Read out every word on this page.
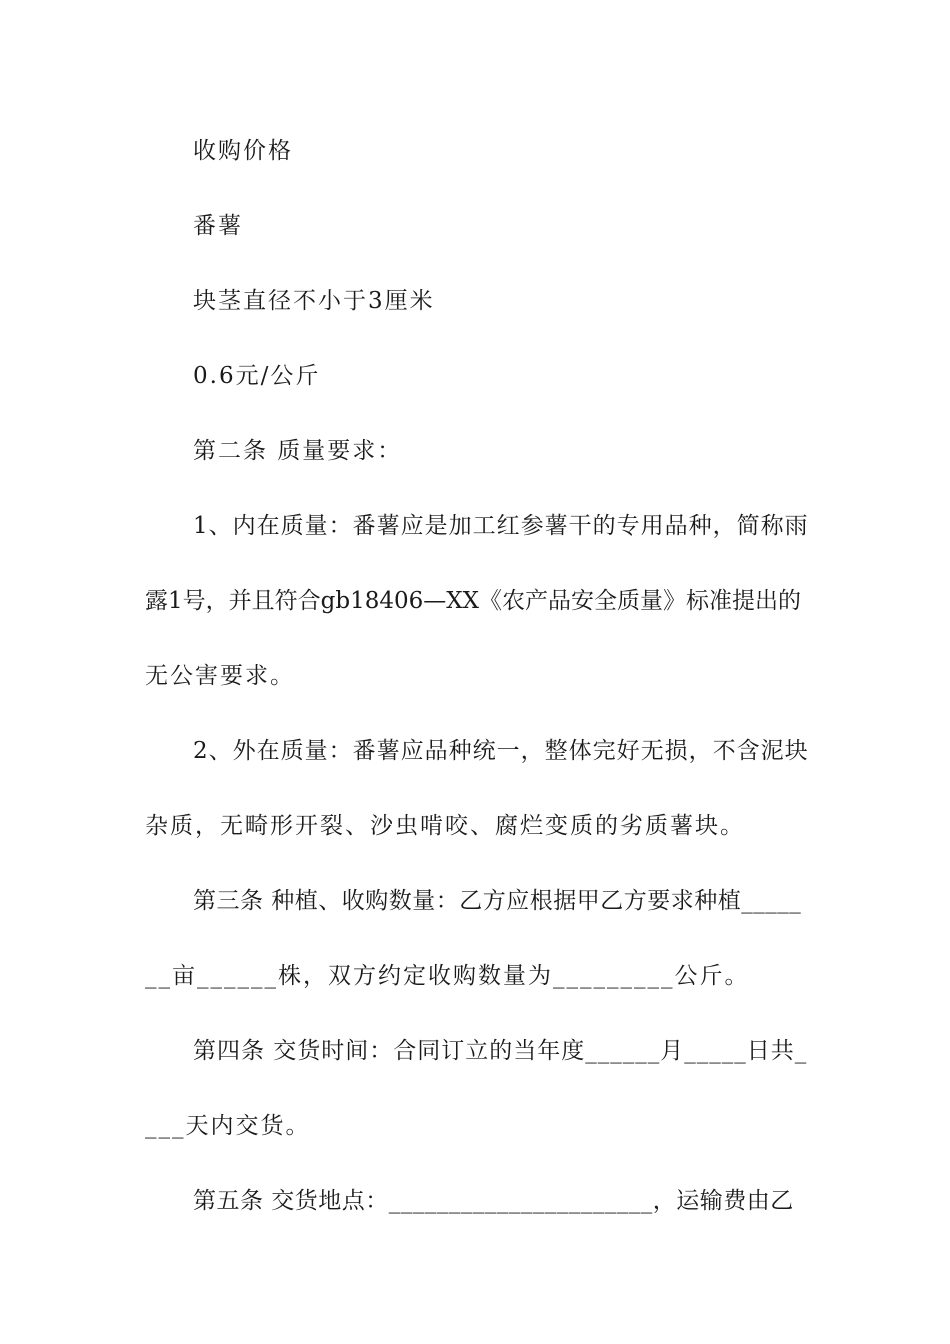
收购价格
番薯
块茎直径不小于3厘米
0.6元/公斤
第二条 质量要求：
1、内在质量：番薯应是加工红参薯干的专用品种，简称雨
露1号，并且符合gb18406—XX《农产品安全质量》标准提出的
无公害要求。
2、外在质量：番薯应品种统一，整体完好无损，不含泥块
杂质，无畸形开裂、沙虫啃咬、腐烂变质的劣质薯块。
第三条 种植、收购数量：乙方应根据甲乙方要求种植_____
__亩______株，双方约定收购数量为_________公斤。
第四条 交货时间：合同订立的当年度______月_____日共_
___天内交货。
第五条 交货地点：______________________，运输费由乙
